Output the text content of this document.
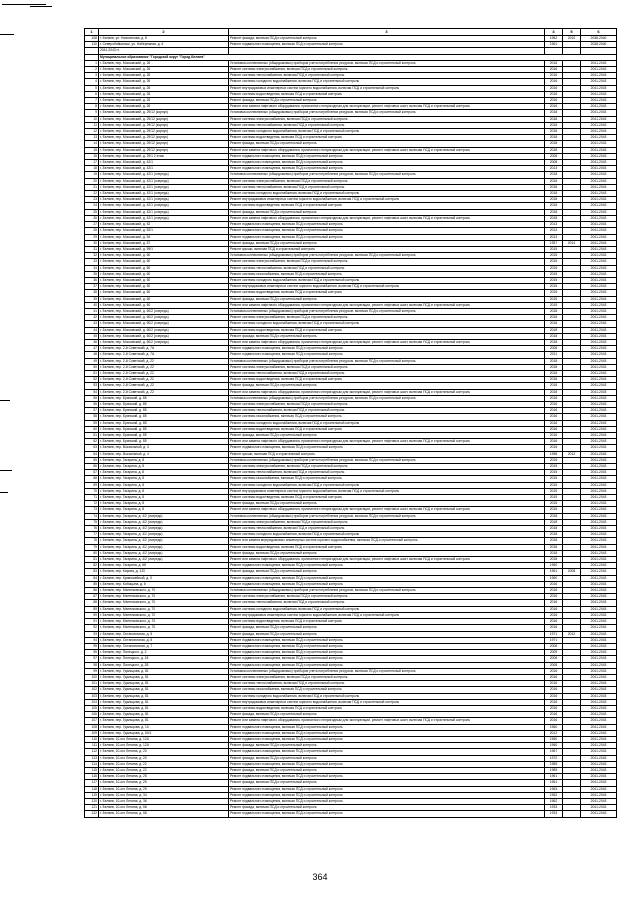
1	2	3	4	5	6
108	г. Беляев, ул. Новоселова, д. 8	Ремонт фасада, включая ПСД и строительный контроль	1962	2010	2038-2040
110	г. Северобайкальск, ул. Набережная, д. 6	Ремонт подвального помещения, включая ПСД и строительный контроль	1961		2038-2040
	2041-2043 гг.				
	Муниципальное образование "Городской округ "Город Беляев"				
1	г. Беляев, пер. Московский, д. 26	Установка коллективных (общедомовых) приборов учета потребления ресурсов, включая ПСД и строительный контроль	2016		2041-2043
2	г. Беляев, пер. Московский, д. 26	Ремонт системы электроснабжения, включая ПСД и строительный контроль	2016		2041-2043
3	г. Беляев, пер. Московский, д. 26	Ремонт системы теплоснабжения, включая ПСД и строительный контроль	2016		2041-2043
4	г. Беляев, пер. Московский, д. 26	Ремонт системы холодного водоснабжения, включая ПСД и строительный контроль	2016		2041-2043
5	г. Беляев, пер. Московский, д. 26	Ремонт внутридомовых инженерных систем горячего водоснабжения, включая ПСД и строительный контроль	2016		2041-2043
6	г. Беляев, пер. Московский, д. 26	Ремонт системы водоотведения, включая ПСД и строительный контроль	2016		2041-2043
7	г. Беляев, пер. Московский, д. 26	Ремонт фасада, включая ПСД и строительный контроль	2016		2041-2043
8	г. Беляев, пер. Московский, д. 26	Ремонт или замена лифтового оборудования, признанного непригодным для эксплуатации, ремонт лифтовых шахт, включая ПСД и строительный контроль	2016		2041-2043
9	г. Беляев, пер. Московский, д. 29/12 (корпус)	Установка коллективных (общедомовых) приборов учета потребления ресурсов, включая ПСД и строительный контроль	2018		2041-2043
10	г. Беляев, пер. Московский, д. 29/12 (корпус)	Ремонт системы электроснабжения, включая ПСД и строительный контроль	2018		2041-2043
11	г. Беляев, пер. Московский, д. 29/12 (корпус)	Ремонт системы теплоснабжения, включая ПСД и строительный контроль	2018		2041-2043
12	г. Беляев, пер. Московский, д. 29/12 (корпус)	Ремонт системы холодного водоснабжения, включая ПСД и строительный контроль	2018		2041-2043
13	г. Беляев, пер. Московский, д. 29/12 (корпус)	Ремонт системы водоотведения, включая ПСД и строительный контроль	2018		2041-2043
14	г. Беляев, пер. Московский, д. 29/12 (корпус)	Ремонт фасада, включая ПСД и строительный контроль	2018		2041-2043
15	г. Беляев, пер. Московский, д. 29/12 (корпус)	Ремонт или замена лифтового оборудования, признанного непригодным для эксплуатации, ремонт лифтовых шахт, включая ПСД и строительный контроль	2018		2041-2043
16	г. Беляев, пер. Московский, д. 29/1 2 этаж	Ремонт подвального помещения, включая ПСД и строительный контроль	2008		2041-2043
17	г. Беляев, пер. Московский, д. 42/1	Ремонт подвального помещения, включая ПСД и строительный контроль	2008		2041-2043
18	г. Беляев, пер. Московский, д. 42/1	Ремонт подвального помещения, включая ПСД и строительный контроль	2013		2041-2043
19	г. Беляев, пер. Московский, д. 42/1 (очередь)	Установка коллективных (общедомовых) приборов учета потребления ресурсов, включая ПСД и строительный контроль	2018		2041-2043
20	г. Беляев, пер. Московский, д. 42/1 (очередь)	Ремонт системы электроснабжения, включая ПСД и строительный контроль	2018		2041-2043
21	г. Беляев, пер. Московский, д. 42/1 (очередь)	Ремонт системы теплоснабжения, включая ПСД и строительный контроль	2018		2041-2043
22	г. Беляев, пер. Московский, д. 42/1 (очередь)	Ремонт системы холодного водоснабжения, включая ПСД и строительный контроль	2018		2041-2043
23	г. Беляев, пер. Московский, д. 42/1 (очередь)	Ремонт внутридомовых инженерных систем горячего водоснабжения, включая ПСД и строительный контроль	2018		2041-2043
24	г. Беляев, пер. Московский, д. 42/1 (очередь)	Ремонт системы водоотведения, включая ПСД и строительный контроль	2018		2041-2043
25	г. Беляев, пер. Московский, д. 42/1 (очередь)	Ремонт фасада, включая ПСД и строительный контроль	2018		2041-2043
26	г. Беляев, пер. Московский, д. 42/1 (очередь)	Ремонт или замена лифтового оборудования, признанного непригодным для эксплуатации, ремонт лифтовых шахт, включая ПСД и строительный контроль	2018		2041-2043
27	г. Беляев, пер. Московский, д. 52	Ремонт подвального помещения, включая ПСД и строительный контроль	2013		2041-2043
28	г. Беляев, пер. Московский, д. 52/1	Ремонт подвального помещения, включая ПСД и строительный контроль	2013		2041-2043
29	г. Беляев, пер. Московский, д. 54	Ремонт подвального помещения, включая ПСД и строительный контроль	2013		2041-2043
30	г. Беляев, пер. Московский, д. 57	Ремонт фасада, включая ПСД и строительный контроль	1957	2014	2041-2043
31	г. Беляев, пер. Московский, д. 59/1	Ремонт крыши, включая ПСД и строительный контроль	2015		2041-2043
32	г. Беляев, пер. Московский, д. 60	Установка коллективных (общедомовых) приборов учета потребления ресурсов, включая ПСД и строительный контроль	2015		2041-2043
33	г. Беляев, пер. Московский, д. 60	Ремонт системы электроснабжения, включая ПСД и строительный контроль	2015		2041-2043
34	г. Беляев, пер. Московский, д. 60	Ремонт системы теплоснабжения, включая ПСД и строительный контроль	2015		2041-2043
35	г. Беляев, пер. Московский, д. 60	Ремонт системы газоснабжения, включая ПСД и строительный контроль	2015		2041-2043
36	г. Беляев, пер. Московский, д. 60	Ремонт системы холодного водоснабжения, включая ПСД и строительный контроль	2015		2041-2043
37	г. Беляев, пер. Московский, д. 60	Ремонт внутридомовых инженерных систем горячего водоснабжения, включая ПСД и строительный контроль	2015		2041-2043
38	г. Беляев, пер. Московский, д. 60	Ремонт системы водоотведения, включая ПСД и строительный контроль	2015		2041-2043
39	г. Беляев, пер. Московский, д. 60	Ремонт фасада, включая ПСД и строительный контроль	2015		2041-2043
40	г. Беляев, пер. Московский, д. 60	Ремонт или замена лифтового оборудования, признанного непригодным для эксплуатации, ремонт лифтовых шахт, включая ПСД и строительный контроль	2015		2041-2043
41	г. Беляев, пер. Московский, д. 60/2 (очередь)	Установка коллективных (общедомовых) приборов учета потребления ресурсов, включая ПСД и строительный контроль	2018		2041-2043
42	г. Беляев, пер. Московский, д. 60/2 (очередь)	Ремонт системы электроснабжения, включая ПСД и строительный контроль	2018		2041-2043
43	г. Беляев, пер. Московский, д. 60/2 (очередь)	Ремонт системы холодного водоснабжения, включая ПСД и строительный контроль	2018		2041-2043
44	г. Беляев, пер. Московский, д. 60/2 (очередь)	Ремонт системы водоотведения, включая ПСД и строительный контроль	2018		2041-2043
45	г. Беляев, пер. Московский, д. 60/2 (очередь)	Ремонт фасада, включая ПСД и строительный контроль	2018		2041-2043
46	г. Беляев, пер. Московский, д. 60/2 (очередь)	Ремонт или замена лифтового оборудования, признанного непригодным для эксплуатации, ремонт лифтовых шахт, включая ПСД и строительный контроль	2018		2041-2043
47	г. Беляев, пер. 2-й Советский, д. 7А	Ремонт подвального помещения, включая ПСД и строительный контроль	2008		2041-2043
48	г. Беляев, пер. 2-й Советский, д. 7А	Ремонт подвального помещения, включая ПСД и строительный контроль	2011		2041-2043
49	г. Беляев, пер. 2-й Советский, д. 22	Установка коллективных (общедомовых) приборов учета потребления ресурсов, включая ПСД и строительный контроль	2018		2041-2043
50	г. Беляев, пер. 2-й Советский, д. 22	Ремонт системы электроснабжения, включая ПСД и строительный контроль	2018		2041-2043
51	г. Беляев, пер. 2-й Советский, д. 22	Ремонт системы теплоснабжения, включая ПСД и строительный контроль	2018		2041-2043
52	г. Беляев, пер. 2-й Советский, д. 22	Ремонт системы водоотведения, включая ПСД и строительный контроль	2018		2041-2043
53	г. Беляев, пер. 2-й Советский, д. 22	Ремонт фасада, включая ПСД и строительный контроль	2018		2041-2043
54	г. Беляев, пер. 2-й Советский, д. 22	Ремонт или замена лифтового оборудования, признанного непригодным для эксплуатации, ремонт лифтовых шахт, включая ПСД и строительный контроль	2018		2041-2043
55	г. Беляев, пер. Брянский, д. 85	Установка коллективных (общедомовых) приборов учета потребления ресурсов, включая ПСД и строительный контроль	2016		2041-2043
56	г. Беляев, пер. Брянский, д. 85	Ремонт системы электроснабжения, включая ПСД и строительный контроль	2016		2041-2043
57	г. Беляев, пер. Брянский, д. 85	Ремонт системы теплоснабжения, включая ПСД и строительный контроль	2016		2041-2043
58	г. Беляев, пер. Брянский, д. 85	Ремонт системы газоснабжения, включая ПСД и строительный контроль	2016		2041-2043
59	г. Беляев, пер. Брянский, д. 85	Ремонт системы холодного водоснабжения, включая ПСД и строительный контроль	2016		2041-2043
60	г. Беляев, пер. Брянский, д. 85	Ремонт системы водоотведения, включая ПСД и строительный контроль	2016		2041-2043
61	г. Беляев, пер. Брянский, д. 85	Ремонт фасада, включая ПСД и строительный контроль	2016		2041-2043
62	г. Беляев, пер. Брянский, д. 85	Ремонт или замена лифтового оборудования, признанного непригодным для эксплуатации, ремонт лифтовых шахт, включая ПСД и строительный контроль	2016		2041-2043
63	г. Беляев, пер. Вокзальный, д. 4	Ремонт подвального помещения, включая ПСД и строительный контроль	2015		2041-2043
64	г. Беляев, пер. Вокзальный, д. 4	Ремонт крыши, включая ПСД и строительный контроль	1958	2012	2041-2043
65	г. Беляев, пер. Гагарина, д. 8	Установка коллективных (общедомовых) приборов учета потребления ресурсов, включая ПСД и строительный контроль	2015		2041-2043
66	г. Беляев, пер. Гагарина, д. 8	Ремонт системы электроснабжения, включая ПСД и строительный контроль	2015		2041-2043
67	г. Беляев, пер. Гагарина, д. 8	Ремонт системы теплоснабжения, включая ПСД и строительный контроль	2015		2041-2043
68	г. Беляев, пер. Гагарина, д. 8	Ремонт системы газоснабжения, включая ПСД и строительный контроль	2015		2041-2043
69	г. Беляев, пер. Гагарина, д. 8	Ремонт системы холодного водоснабжения, включая ПСД и строительный контроль	2015		2041-2043
70	г. Беляев, пер. Гагарина, д. 8	Ремонт внутридомовых инженерных систем горячего водоснабжения, включая ПСД и строительный контроль	2015		2041-2043
71	г. Беляев, пер. Гагарина, д. 8	Ремонт системы водоотведения, включая ПСД и строительный контроль	2015		2041-2043
72	г. Беляев, пер. Гагарина, д. 8	Ремонт фасада, включая ПСД и строительный контроль	2015		2041-2043
73	г. Беляев, пер. Гагарина, д. 8	Ремонт или замена лифтового оборудования, признанного непригодным для эксплуатации, ремонт лифтовых шахт, включая ПСД и строительный контроль	2015		2041-2043
74	г. Беляев, пер. Гагарина, д. 4/2 (очередь)	Установка коллективных (общедомовых) приборов учета потребления ресурсов, включая ПСД и строительный контроль	2018		2041-2043
75	г. Беляев, пер. Гагарина, д. 4/2 (очередь)	Ремонт системы электроснабжения, включая ПСД и строительный контроль	2018		2041-2043
76	г. Беляев, пер. Гагарина, д. 4/2 (очередь)	Ремонт системы теплоснабжения, включая ПСД и строительный контроль	2018		2041-2043
77	г. Беляев, пер. Гагарина, д. 4/2 (очередь)	Ремонт системы холодного водоснабжения, включая ПСД и строительный контроль	2018		2041-2043
78	г. Беляев, пер. Гагарина, д. 4/2 (очередь)	Ремонт или замена внутридомовых инженерных систем горячего водоснабжения, включая ПСД и строительный контроль	2018		2041-2043
79	г. Беляев, пер. Гагарина, д. 4/2 (очередь)	Ремонт системы водоотведения, включая ПСД и строительный контроль	2018		2041-2043
80	г. Беляев, пер. Гагарина, д. 4/2 (очередь)	Ремонт фасада, включая ПСД и строительный контроль	2018		2041-2043
81	г. Беляев, пер. Гагарина, д. 4/2 (очередь)	Ремонт или замена лифтового оборудования, признанного непригодным для эксплуатации, ремонт лифтовых шахт, включая ПСД и строительный контроль	2018		2041-2043
82	г. Беляев, пер. Гагарина, д. 68	Ремонт подвального помещения, включая ПСД и строительный контроль	1960		2041-2043
83	г. Беляев, пер. Кирова, д. 120	Ремонт фасада, включая ПСД и строительный контроль	1961	2008	2041-2043
84	г. Беляев, пер. Кривошейный, д. 3	Ремонт подвального помещения, включая ПСД и строительный контроль	1960		2041-2043
85	г. Беляев, пер. Кобицына, д. 6	Ремонт подвального помещения, включая ПСД и строительный контроль	2016		2041-2043
86	г. Беляев, пер. Меленковского, д. 70	Установка коллективных (общедомовых) приборов учета потребления ресурсов, включая ПСД и строительный контроль	2016		2041-2043
87	г. Беляев, пер. Меленковского, д. 70	Ремонт системы электроснабжения, включая ПСД и строительный контроль	2016		2041-2043
88	г. Беляев, пер. Меленковского, д. 70	Ремонт системы теплоснабжения, включая ПСД и строительный контроль	2016		2041-2043
89	г. Беляев, пер. Меленковского, д. 70	Ремонт системы холодного водоснабжения, включая ПСД и строительный контроль	2016		2041-2043
90	г. Беляев, пер. Меленковского, д. 70	Ремонт внутридомовых инженерных систем горячего водоснабжения, включая ПСД и строительный контроль	2016		2041-2043
91	г. Беляев, пер. Меленковского, д. 70	Ремонт системы водоотведения, включая ПСД и строительный контроль	2016		2041-2043
92	г. Беляев, пер. Меленковского, д. 70	Ремонт фасада, включая ПСД и строительный контроль	2016		2041-2043
93	г. Беляев, пер. Остановочная, д. 5	Ремонт фасада, включая ПСД и строительный контроль	1971	2012	2041-2043
94	г. Беляев, пер. Остановочная, д. 5	Ремонт подвального помещения, включая ПСД и строительный контроль	1971		2041-2043
95	г. Беляев, пер. Остановочная, д. 7	Ремонт подвального помещения, включая ПСД и строительный контроль	2008		2041-2043
96	г. Беляев, пер. Пилецкого, д. 2	Ремонт подвального помещения, включая ПСД и строительный контроль	2009		2041-2043
97	г. Беляев, пер. Пилецкого, д. 18	Ремонт подвального помещения, включая ПСД и строительный контроль	2008		2041-2043
98	г. Беляев, пер. Пилецкого, д. 28	Ремонт подвального помещения, включая ПСД и строительный контроль	2008		2041-2043
99	г. Беляев, пер. Удальцова, д. 81	Установка коллективных (общедомовых) приборов учета потребления ресурсов, включая ПСД и строительный контроль	2016		2041-2043
100	г. Беляев, пер. Удальцова, д. 81	Ремонт системы электроснабжения, включая ПСД и строительный контроль	2016		2041-2043
101	г. Беляев, пер. Удальцова, д. 81	Ремонт системы теплоснабжения, включая ПСД и строительный контроль	2016		2041-2043
102	г. Беляев, пер. Удальцова, д. 81	Ремонт системы газоснабжения, включая ПСД и строительный контроль	2016		2041-2043
103	г. Беляев, пер. Удальцова, д. 81	Ремонт системы холодного водоснабжения, включая ПСД и строительный контроль	2016		2041-2043
104	г. Беляев, пер. Удальцова, д. 81	Ремонт внутридомовых инженерных систем горячего водоснабжения, включая ПСД и строительный контроль	2016		2041-2043
105	г. Беляев, пер. Удальцова, д. 81	Ремонт системы водоотведения, включая ПСД и строительный контроль	2016		2041-2043
106	г. Беляев, пер. Удальцова, д. 81	Ремонт фасада, включая ПСД и строительный контроль	2016		2041-2043
107	г. Беляев, пер. Удальцова, д. 81	Ремонт или замена лифтового оборудования, признанного непригодным для эксплуатации, ремонт лифтовых шахт, включая ПСД и строительный контроль	2016		2041-2043
108	г. Беляев, пер. Удальцова, д. 10	Ремонт подвального помещения, включая ПСД и строительный контроль	1960		2041-2043
109	г. Беляев, пер. Удальцова, д. 60/1	Ремонт подвального помещения, включая ПСД и строительный контроль	2012		2041-2043
110	г. Беляев, 10-ого Ленина, д. 12А	Ремонт подвального помещения, включая ПСД и строительный контроль	1960		2041-2043
111	г. Беляев, 10-ого Ленина, д. 12А	Ремонт фасада, включая ПСД и строительный контроль	1960		2041-2043
112	г. Беляев, 10-ого Ленина, д. 20	Ремонт подвального помещения, включая ПСД и строительный контроль	1967		2041-2043
113	г. Беляев, 10-ого Ленина, д. 20	Ремонт фасада, включая ПСД и строительный контроль	1972		2041-2043
114	г. Беляев, 10-ого Ленина, д. 22	Ремонт подвального помещения, включая ПСД и строительный контроль	1989		2041-2043
115	г. Беляев, 10-ого Ленина, д. 22	Ремонт фасада, включая ПСД и строительный контроль	1989		2041-2043
116	г. Беляев, 10-ого Ленина, д. 25	Ремонт подвального помещения, включая ПСД и строительный контроль	1961		2041-2043
117	г. Беляев, 10-ого Ленина, д. 25	Ремонт фасада, включая ПСД и строительный контроль	1961		2041-2043
118	г. Беляев, 10-ого Ленина, д. 29	Ремонт подвального помещения, включая ПСД и строительный контроль	1963		2041-2043
119	г. Беляев, 10-ого Ленина, д. 34	Ремонт подвального помещения, включая ПСД и строительный контроль	1962		2041-2043
120	г. Беляев, 10-ого Ленина, д. 36	Ремонт подвального помещения, включая ПСД и строительный контроль	1962		2041-2043
121	г. Беляев, 10-ого Ленина, д. 58	Ремонт фасада, включая ПСД и строительный контроль	1933		2041-2043
122	г. Беляев, 10-ого Ленина, д. 58	Ремонт подвального помещения, включая ПСД и строительный контроль	1933		2041-2043
364
